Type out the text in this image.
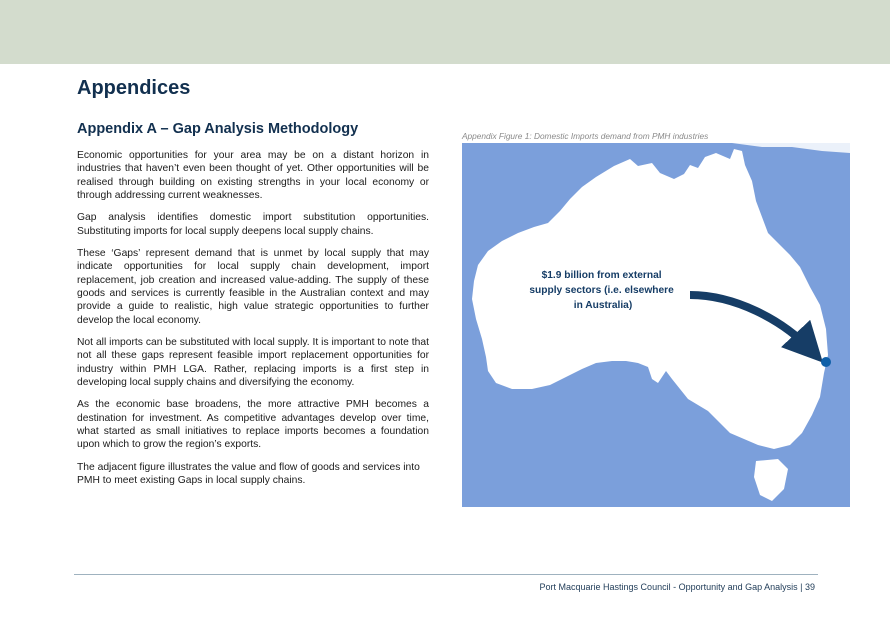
Appendices
Appendix A – Gap Analysis Methodology

Economic opportunities for your area may be on a distant horizon in industries that haven’t even been thought of yet. Other opportunities will be realised through building on existing strengths in your local economy or through addressing current weaknesses.

Gap analysis identifies domestic import substitution opportunities. Substituting imports for local supply deepens local supply chains.

These ‘Gaps’ represent demand that is unmet by local supply that may indicate opportunities for local supply chain development, import replacement, job creation and increased value-adding. The supply of these goods and services is currently feasible in the Australian context and may provide a guide to realistic, high value strategic opportunities to further develop the local economy.

Not all imports can be substituted with local supply. It is important to note that not all these gaps represent feasible import replacement opportunities for industry within PMH LGA. Rather, replacing imports is a first step in developing local supply chains and diversifying the economy.

As the economic base broadens, the more attractive PMH becomes a destination for investment. As competitive advantages develop over time, what started as small initiatives to replace imports becomes a foundation upon which to grow the region’s exports.

The adjacent figure illustrates the value and flow of goods and services into PMH to meet existing Gaps in local supply chains.

Appendix Figure 1: Domestic Imports demand from PMH industries
$1.9 billion from external supply sectors (i.e. elsewhere in Australia)
Port Macquarie Hastings Council - Opportunity and Gap Analysis | 39
